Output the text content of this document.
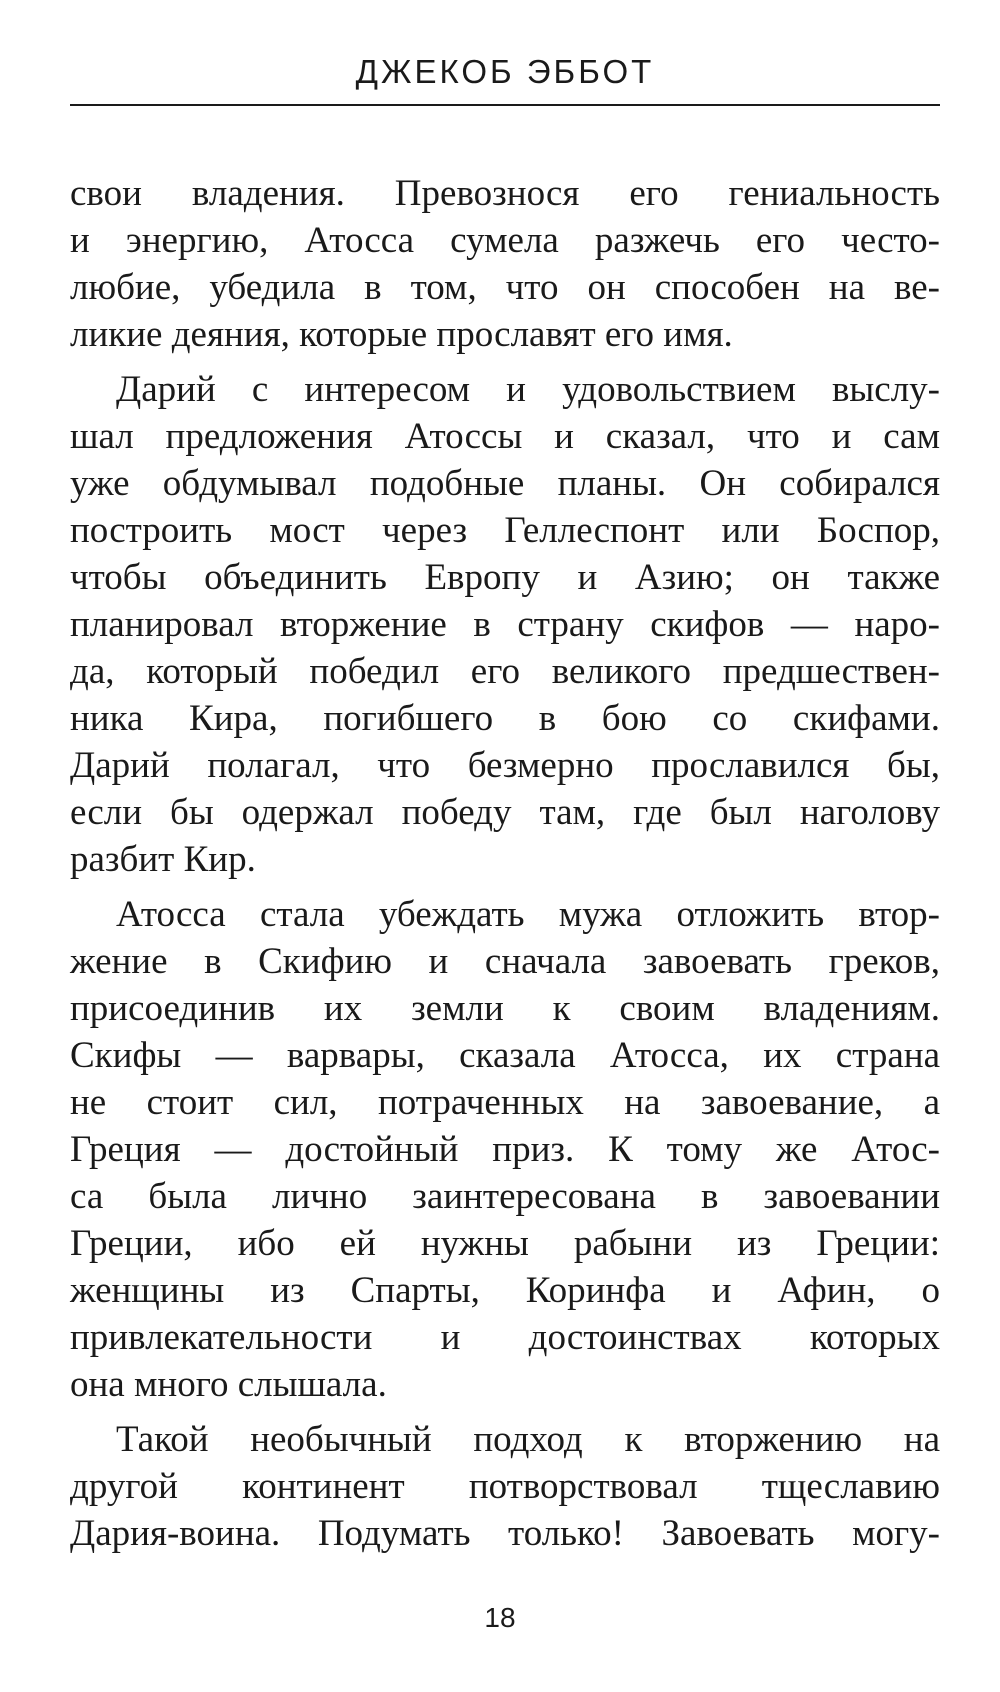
ДЖЕКОБ ЭББОТ
свои владения. Превознося его гениальность
и энергию, Атосса сумела разжечь его често-
любие, убедила в том, что он способен на ве-
ликие деяния, которые прославят его имя.
Дарий с интересом и удовольствием выслу-
шал предложения Атоссы и сказал, что и сам
уже обдумывал подобные планы. Он собирался
построить мост через Геллеспонт или Боспор,
чтобы объединить Европу и Азию; он также
планировал вторжение в страну скифов — наро-
да, который победил его великого предшествен-
ника Кира, погибшего в бою со скифами.
Дарий полагал, что безмерно прославился бы,
если бы одержал победу там, где был наголову
разбит Кир.
Атосса стала убеждать мужа отложить втор-
жение в Скифию и сначала завоевать греков,
присоединив их земли к своим владениям.
Скифы — варвары, сказала Атосса, их страна
не стоит сил, потраченных на завоевание, а
Греция — достойный приз. К тому же Атос-
са была лично заинтересована в завоевании
Греции, ибо ей нужны рабыни из Греции:
женщины из Спарты, Коринфа и Афин, о
привлекательности и достоинствах которых
она много слышала.
Такой необычный подход к вторжению на
другой континент потворствовал тщеславию
Дария-воина. Подумать только! Завоевать могу-
18
